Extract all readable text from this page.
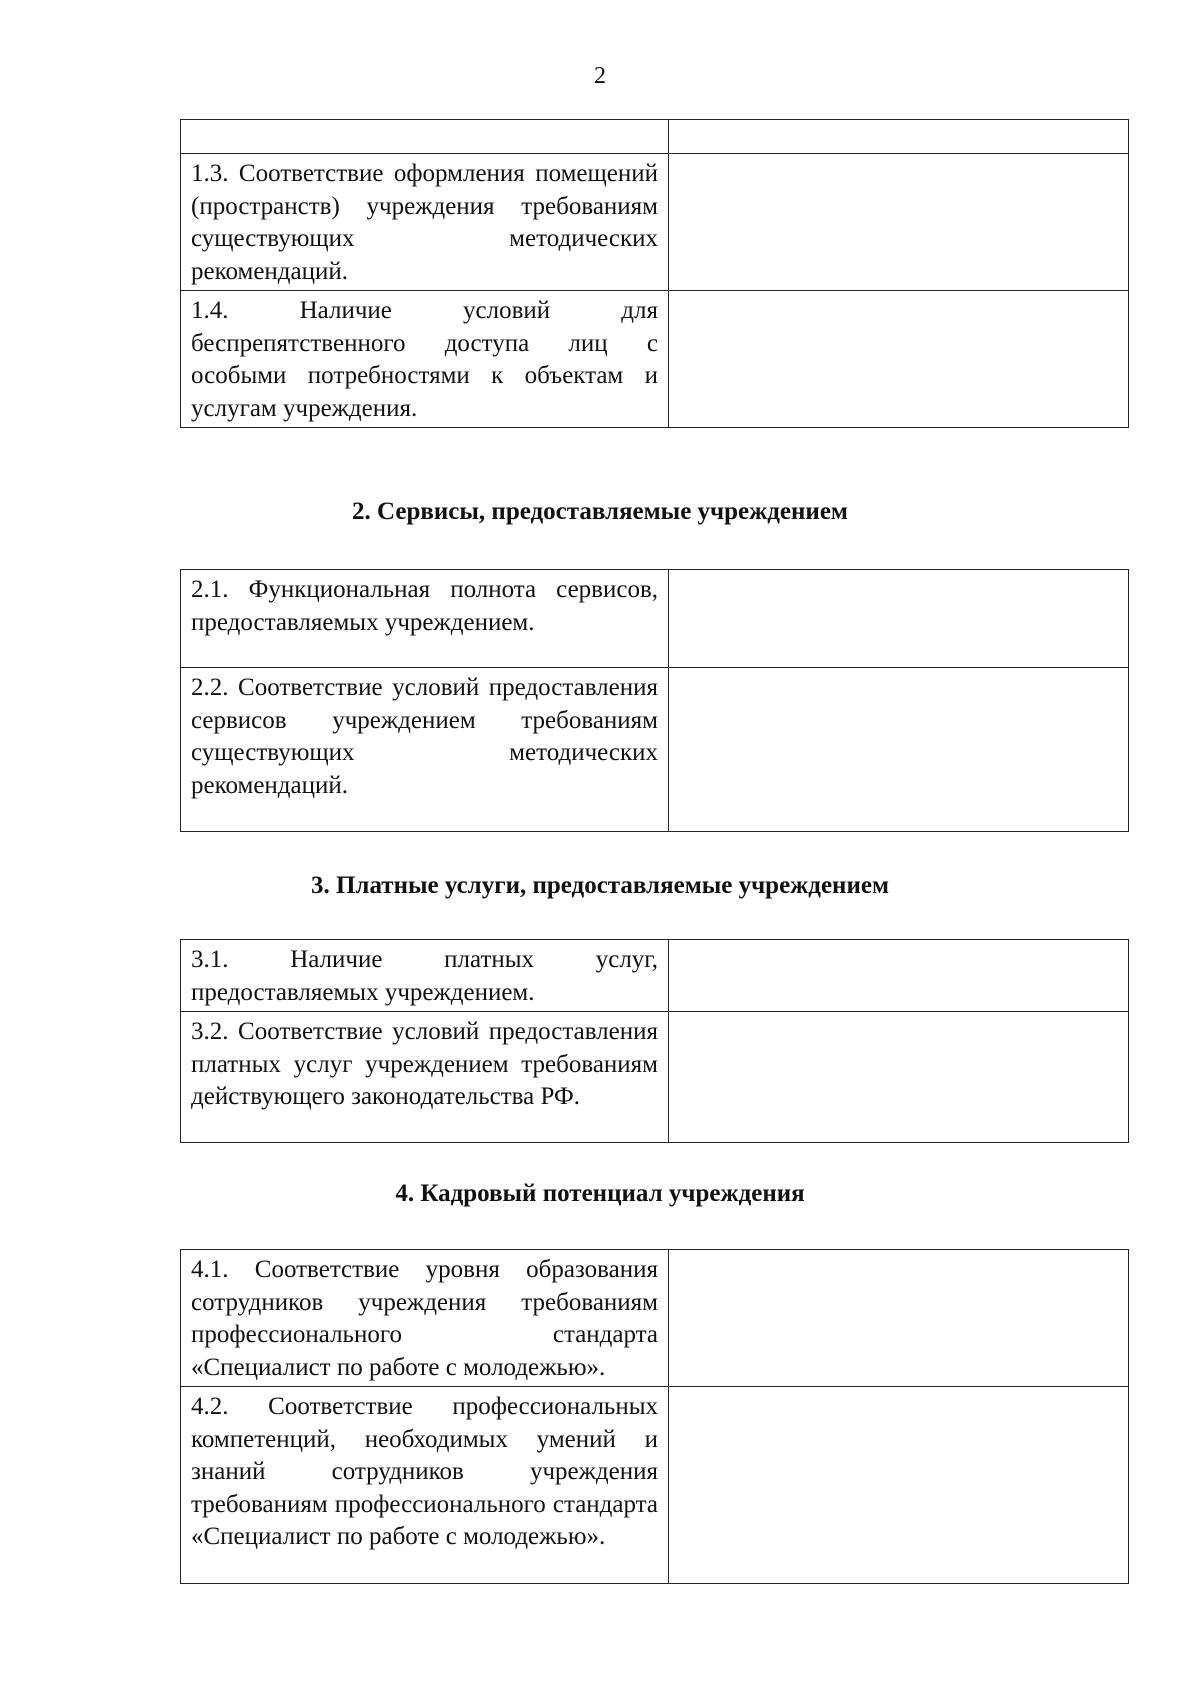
2

1.3. Соответствие оформления помещений (пространств) учреждения требованиям существующих методических рекомендаций.	

1.4. Наличие условий для беспрепятственного доступа лиц с особыми потребностями к объектам и услугам учреждения.	

2. Сервисы, предоставляемые учреждением
2.1. Функциональная полнота сервисов, предоставляемых учреждением.	

2.2. Соответствие условий предоставления сервисов учреждением требованиям существующих методических рекомендаций.	

3. Платные услуги, предоставляемые учреждением
3.1. Наличие платных услуг, предоставляемых учреждением.	

3.2. Соответствие условий предоставления платных услуг учреждением требованиям действующего законодательства РФ.	

4. Кадровый потенциал учреждения
4.1. Соответствие уровня образования сотрудников учреждения требованиям профессионального стандарта «Специалист по работе с молодежью».	

4.2. Соответствие профессиональных компетенций, необходимых умений и знаний сотрудников учреждения требованиям профессионального стандарта «Специалист по работе с молодежью».	
